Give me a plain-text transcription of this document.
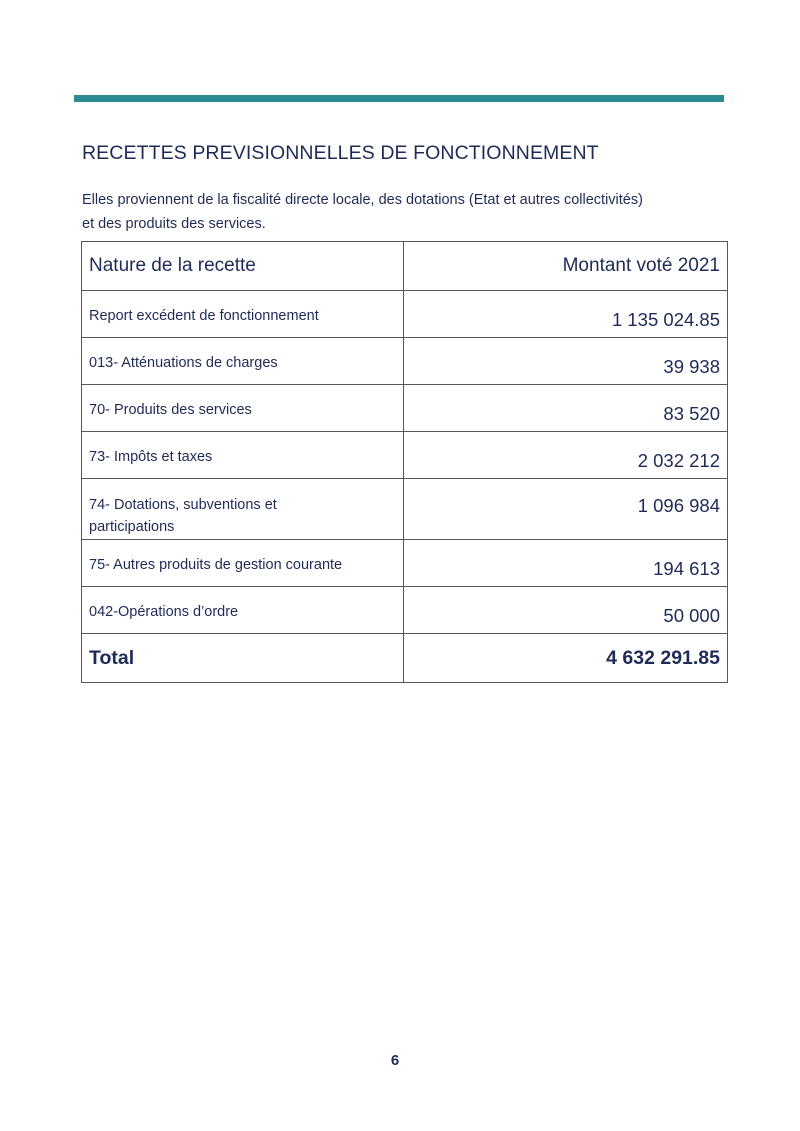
RECETTES PREVISIONNELLES DE FONCTIONNEMENT
Elles proviennent de la fiscalité directe locale, des dotations (Etat et autres collectivités)
et des produits des services.
Nature de la recette	Montant voté 2021
Report excédent de fonctionnement	1 135 024.85
013- Atténuations de charges	39 938
70- Produits des services	83 520
73- Impôts et taxes	2 032 212

74- Dotations, subventions et
participations	1 096 984
75- Autres produits de gestion courante	194 613
042-Opérations d’ordre	50 000
Total	4 632 291.85
6
